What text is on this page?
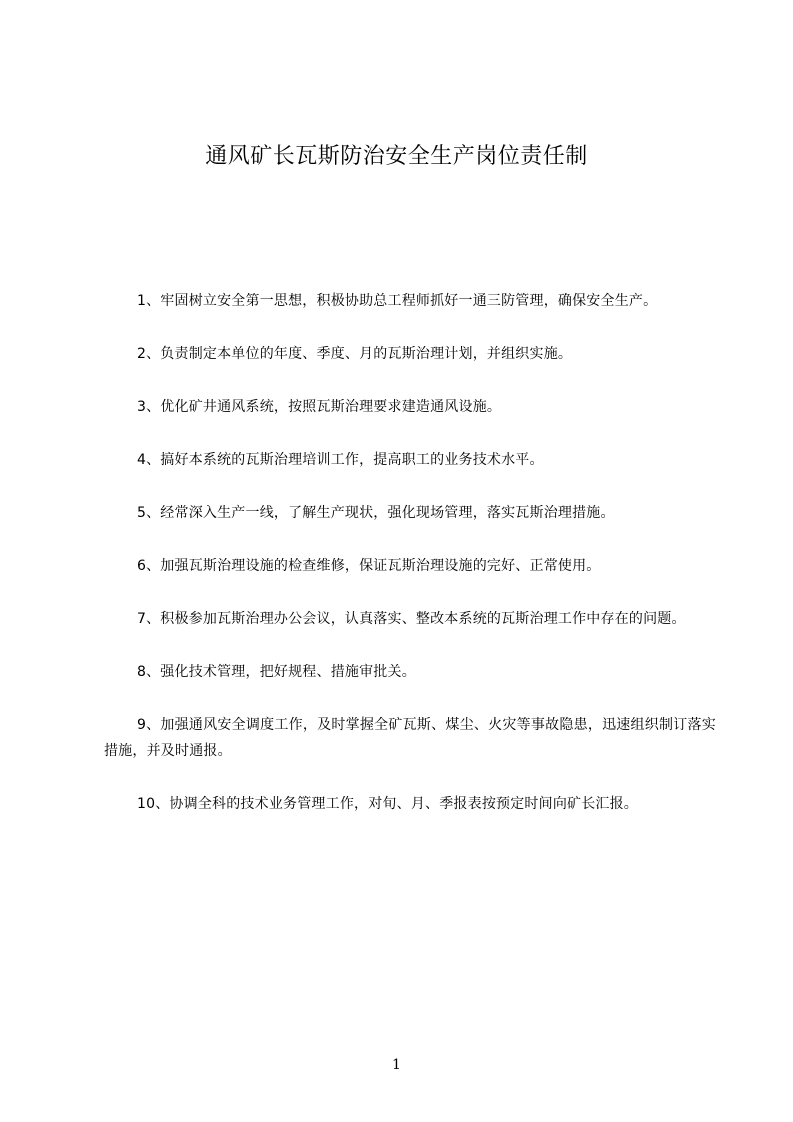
通风矿长瓦斯防治安全生产岗位责任制

1、牢固树立安全第一思想，积极协助总工程师抓好一通三防管理，确保安全生产。

2、负责制定本单位的年度、季度、月的瓦斯治理计划，并组织实施。

3、优化矿井通风系统，按照瓦斯治理要求建造通风设施。

4、搞好本系统的瓦斯治理培训工作，提高职工的业务技术水平。

5、经常深入生产一线，了解生产现状，强化现场管理，落实瓦斯治理措施。

6、加强瓦斯治理设施的检查维修，保证瓦斯治理设施的完好、正常使用。

7、积极参加瓦斯治理办公会议，认真落实、整改本系统的瓦斯治理工作中存在的问题。

8、强化技术管理，把好规程、措施审批关。

9、加强通风安全调度工作，及时掌握全矿瓦斯、煤尘、火灾等事故隐患，迅速组织制订落实措施，并及时通报。

10、协调全科的技术业务管理工作，对旬、月、季报表按预定时间向矿长汇报。

1
